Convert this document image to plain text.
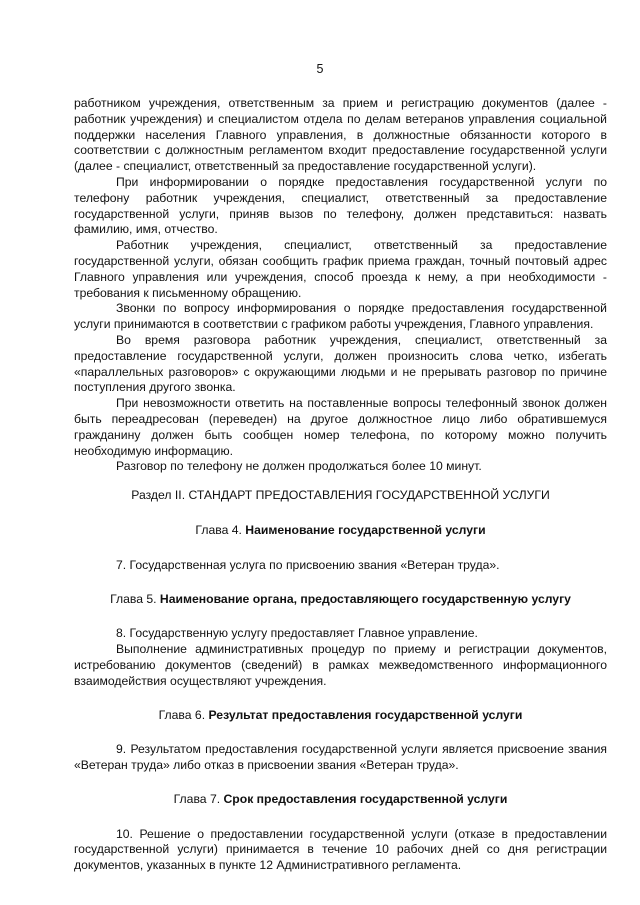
5

работником учреждения, ответственным за прием и регистрацию документов (далее - работник учреждения) и специалистом отдела по делам ветеранов управления социальной поддержки населения Главного управления, в должностные обязанности которого в соответствии с должностным регламентом входит предоставление государственной услуги (далее - специалист, ответственный за предоставление государственной услуги).

При информировании о порядке предоставления государственной услуги по телефону работник учреждения, специалист, ответственный за предоставление государственной услуги, приняв вызов по телефону, должен представиться: назвать фамилию, имя, отчество.

Работник учреждения, специалист, ответственный за предоставление государственной услуги, обязан сообщить график приема граждан, точный почтовый адрес Главного управления или учреждения, способ проезда к нему, а при необходимости - требования к письменному обращению.

Звонки по вопросу информирования о порядке предоставления государственной услуги принимаются в соответствии с графиком работы учреждения, Главного управления.

Во время разговора работник учреждения, специалист, ответственный за предоставление государственной услуги, должен произносить слова четко, избегать «параллельных разговоров» с окружающими людьми и не прерывать разговор по причине поступления другого звонка.

При невозможности ответить на поставленные вопросы телефонный звонок должен быть переадресован (переведен) на другое должностное лицо либо обратившемуся гражданину должен быть сообщен номер телефона, по которому можно получить необходимую информацию.

Разговор по телефону не должен продолжаться более 10 минут.

Раздел II. СТАНДАРТ ПРЕДОСТАВЛЕНИЯ ГОСУДАРСТВЕННОЙ УСЛУГИ
Глава 4. Наименование государственной услуги

7. Государственная услуга по присвоению звания «Ветеран труда».

Глава 5. Наименование органа, предоставляющего государственную услугу

8. Государственную услугу предоставляет Главное управление.

Выполнение административных процедур по приему и регистрации документов, истребованию документов (сведений) в рамках межведомственного информационного взаимодействия осуществляют учреждения.

Глава 6. Результат предоставления государственной услуги

9. Результатом предоставления государственной услуги является присвоение звания «Ветеран труда» либо отказ в присвоении звания «Ветеран труда».

Глава 7. Срок предоставления государственной услуги

10. Решение о предоставлении государственной услуги (отказе в предоставлении государственной услуги) принимается в течение 10 рабочих дней со дня регистрации документов, указанных в пункте 12 Административного регламента.
